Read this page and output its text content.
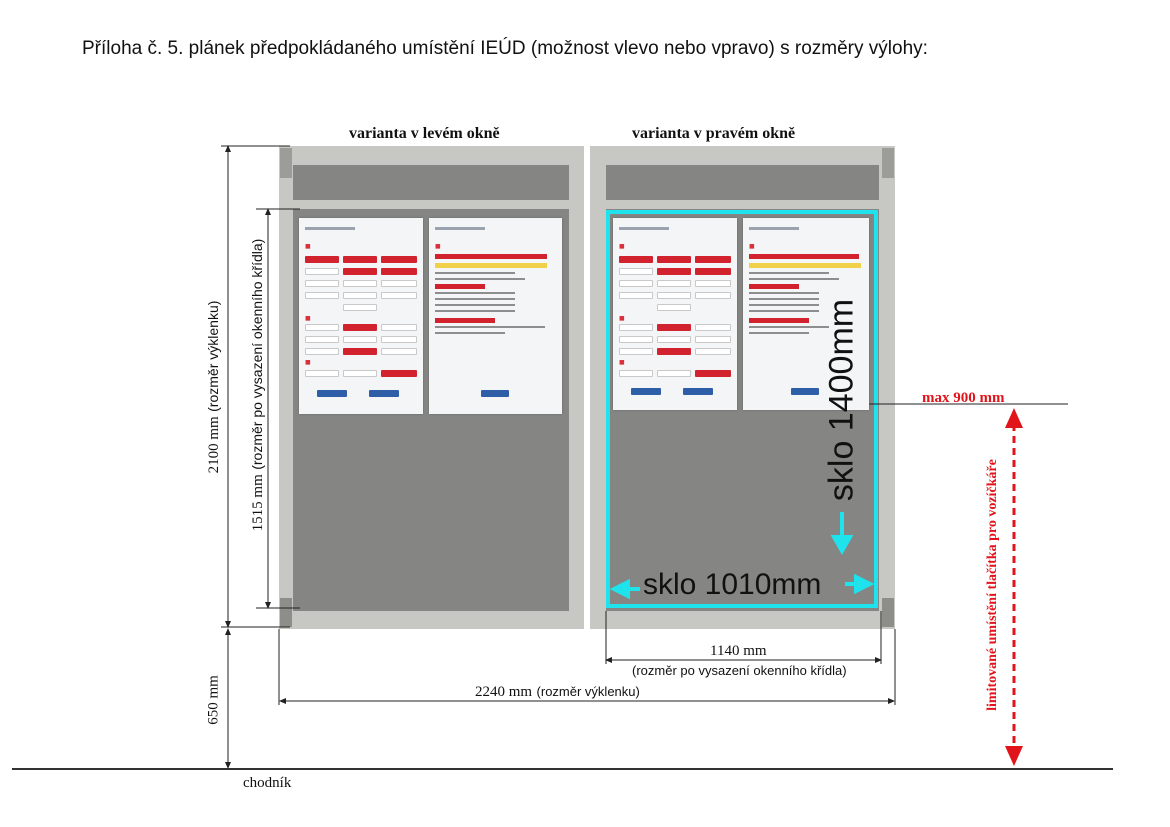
Příloha č. 5. plánek předpokládaného umístění IEÚD (možnost vlevo nebo vpravo) s rozměry výlohy:
varianta v levém okně	varianta v pravém okně
■
■
■
■	■
■
■
■
2100 mm (rozměr výklenku)
1515 mm (rozměr po vysazení okenního křídla)
650 mm
1140 mm
(rozměr po vysazení okenního křídla)
2240 mm (rozměr výklenku)
sklo 1400mm
sklo 1010mm
max 900 mm
limitované umístění tlačítka pro vozíčkáře
chodník
